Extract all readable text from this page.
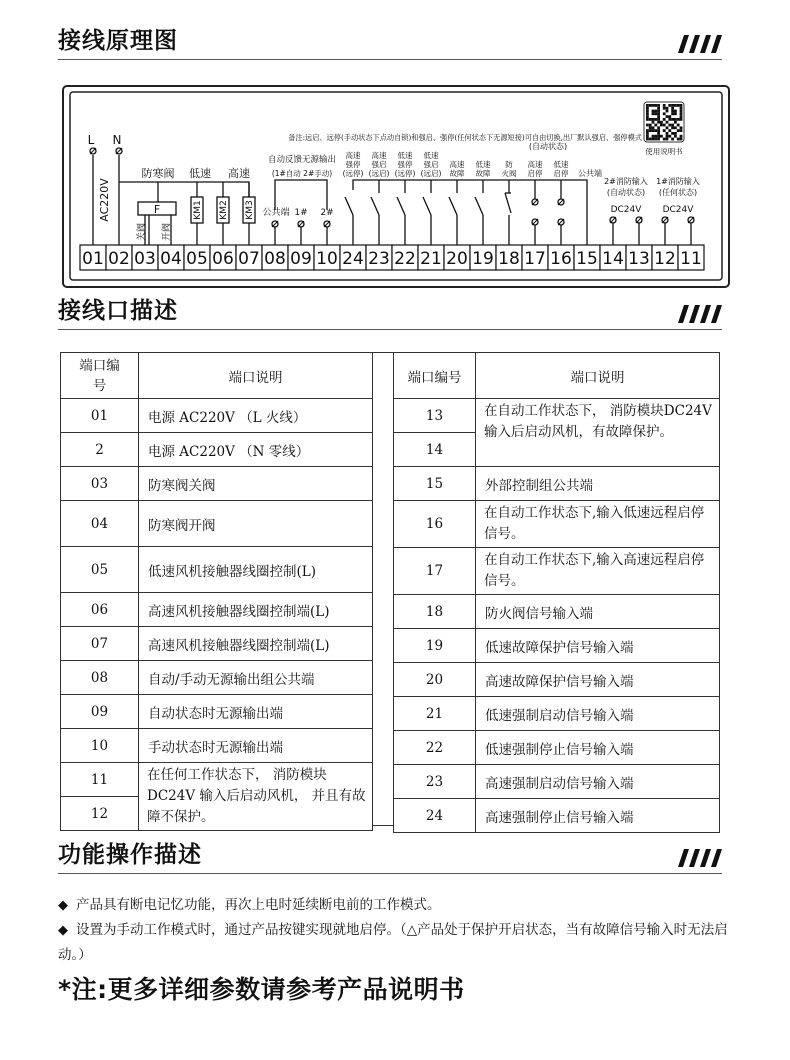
接线原理图
01 02 03 04 05 06 07 08 09 10 24 23 22 21 20 19 18 17 16 15 14 13 12 11
L N
AC220V
防寒阀 低速 高速
F
关阀 开阀
KM1 KM2 KM3
自动反馈无源输出
(1#自动 2#手动)
公共端 1# 2#
高速
强停
(远停)
高速
强启
(远启)
低速
强停
(远停)
低速
强启
(远启)
高速
故障
低速
故障
防
火阀
(自动状态)
高速
启停
低速
启停 公共端
2#消防输入
(自动状态)
DC24V
1#消防输入
(任何状态)
DC24V
备注:远启、远停(手动状态下点动自锁)和强启、强停(任何状态下无源短接)可自由切换,出厂默认强启、强停模式
使用说明书
接线口描述
端口编号	端口说明
01	电源 AC220V （L 火线）
2	电源 AC220V （N 零线）
03	防寒阀关阀
04	防寒阀开阀
05	低速风机接触器线圈控制(L)
06	高速风机接触器线圈控制端(L)
07	高速风机接触器线圈控制端(L)
08	自动/手动无源输出组公共端
09	自动状态时无源输出端
10	手动状态时无源输出端
11	在任何工作状态下， 消防模块DC24V 输入后启动风机， 并且有故障不保护。
12	
端口编号	端口说明
13	在自动工作状态下， 消防模块DC24V 输入后启动风机，有故障保护。
14	
15	外部控制组公共端
16	在自动工作状态下,输入低速远程启停信号。
17	在自动工作状态下,输入高速远程启停信号。
18	防火阀信号输入端
19	低速故障保护信号输入端
20	高速故障保护信号输入端
21	低速强制启动信号输入端
22	低速强制停止信号输入端
23	高速强制启动信号输入端
24	高速强制停止信号输入端
功能操作描述
◆ 产品具有断电记忆功能，再次上电时延续断电前的工作模式。
◆ 设置为手动工作模式时，通过产品按键实现就地启停。（△产品处于保护开启状态，当有故障信号输入时无法启动。）
*注:更多详细参数请参考产品说明书
